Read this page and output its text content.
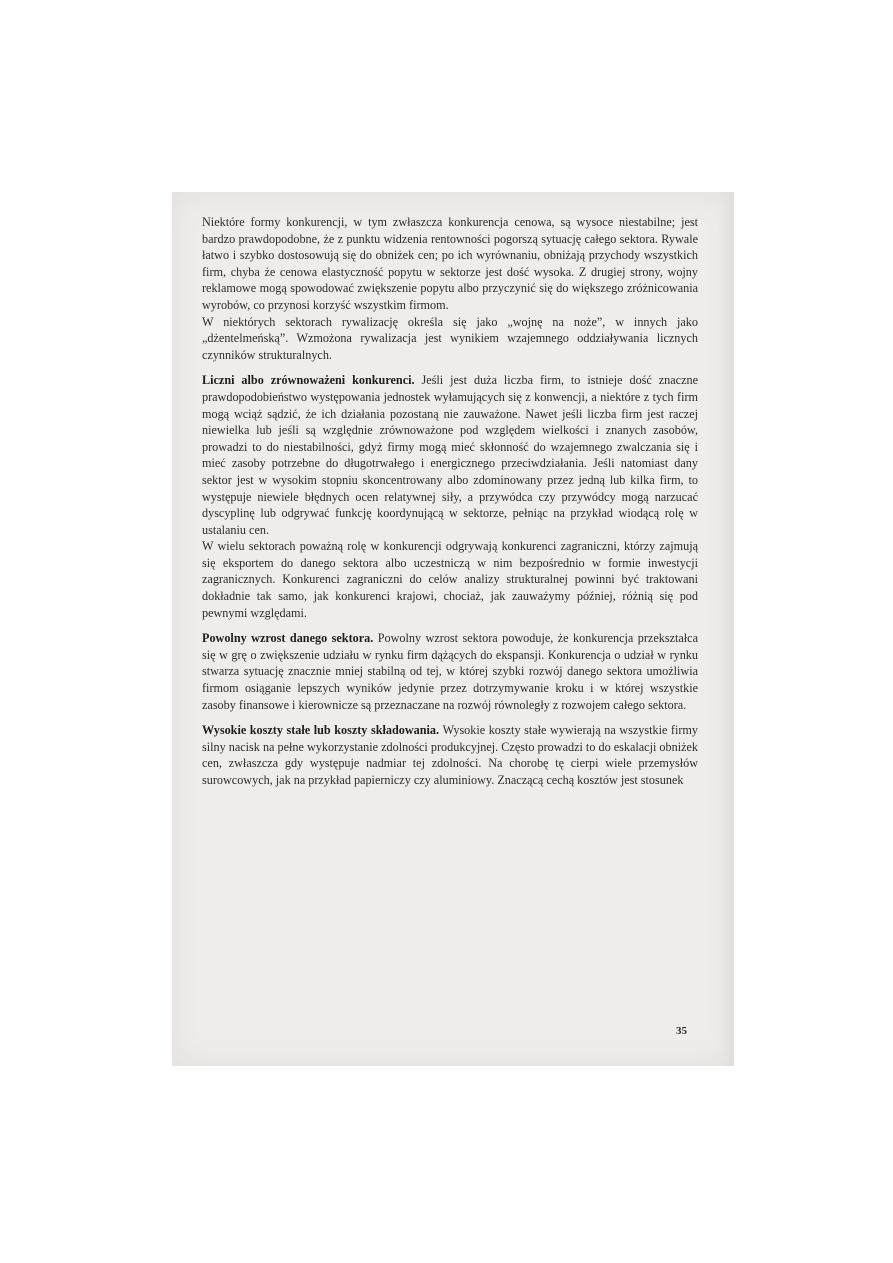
Niektóre formy konkurencji, w tym zwłaszcza konkurencja cenowa, są wysoce niestabilne; jest bardzo prawdopodobne, że z punktu widzenia rentowności pogorszą sytuację całego sektora. Rywale łatwo i szybko dostosowują się do obniżek cen; po ich wyrównaniu, obniżają przychody wszystkich firm, chyba że cenowa elastyczność popytu w sektorze jest dość wysoka. Z drugiej strony, wojny reklamowe mogą spowodować zwiększenie popytu albo przyczynić się do większego zróżnicowania wyrobów, co przynosi korzyść wszystkim firmom.

W niektórych sektorach rywalizację określa się jako „wojnę na noże”, w innych jako „dżentelmeńską”. Wzmożona rywalizacja jest wynikiem wzajemnego oddziaływania licznych czynników strukturalnych.

Liczni albo zrównoważeni konkurenci. Jeśli jest duża liczba firm, to istnieje dość znaczne prawdopodobieństwo występowania jednostek wyłamujących się z konwencji, a niektóre z tych firm mogą wciąż sądzić, że ich działania pozostaną nie zauważone. Nawet jeśli liczba firm jest raczej niewielka lub jeśli są względnie zrównoważone pod względem wielkości i znanych zasobów, prowadzi to do niestabilności, gdyż firmy mogą mieć skłonność do wzajemnego zwalczania się i mieć zasoby potrzebne do długotrwałego i energicznego przeciwdziałania. Jeśli natomiast dany sektor jest w wysokim stopniu skoncentrowany albo zdominowany przez jedną lub kilka firm, to występuje niewiele błędnych ocen relatywnej siły, a przywódca czy przywódcy mogą narzucać dyscyplinę lub odgrywać funkcję koordynującą w sektorze, pełniąc na przykład wiodącą rolę w ustalaniu cen.

W wielu sektorach poważną rolę w konkurencji odgrywają konkurenci zagraniczni, którzy zajmują się eksportem do danego sektora albo uczestniczą w nim bezpośrednio w formie inwestycji zagranicznych. Konkurenci zagraniczni do celów analizy strukturalnej powinni być traktowani dokładnie tak samo, jak konkurenci krajowi, chociaż, jak zauważymy później, różnią się pod pewnymi względami.

Powolny wzrost danego sektora. Powolny wzrost sektora powoduje, że konkurencja przekształca się w grę o zwiększenie udziału w rynku firm dążących do ekspansji. Konkurencja o udział w rynku stwarza sytuację znacznie mniej stabilną od tej, w której szybki rozwój danego sektora umożliwia firmom osiąganie lepszych wyników jedynie przez dotrzymywanie kroku i w której wszystkie zasoby finansowe i kierownicze są przeznaczane na rozwój równoległy z rozwojem całego sektora.

Wysokie koszty stałe lub koszty składowania. Wysokie koszty stałe wywierają na wszystkie firmy silny nacisk na pełne wykorzystanie zdolności produkcyjnej. Często prowadzi to do eskalacji obniżek cen, zwłaszcza gdy występuje nadmiar tej zdolności. Na chorobę tę cierpi wiele przemysłów surowcowych, jak na przykład papierniczy czy aluminiowy. Znaczącą cechą kosztów jest stosunek

35
